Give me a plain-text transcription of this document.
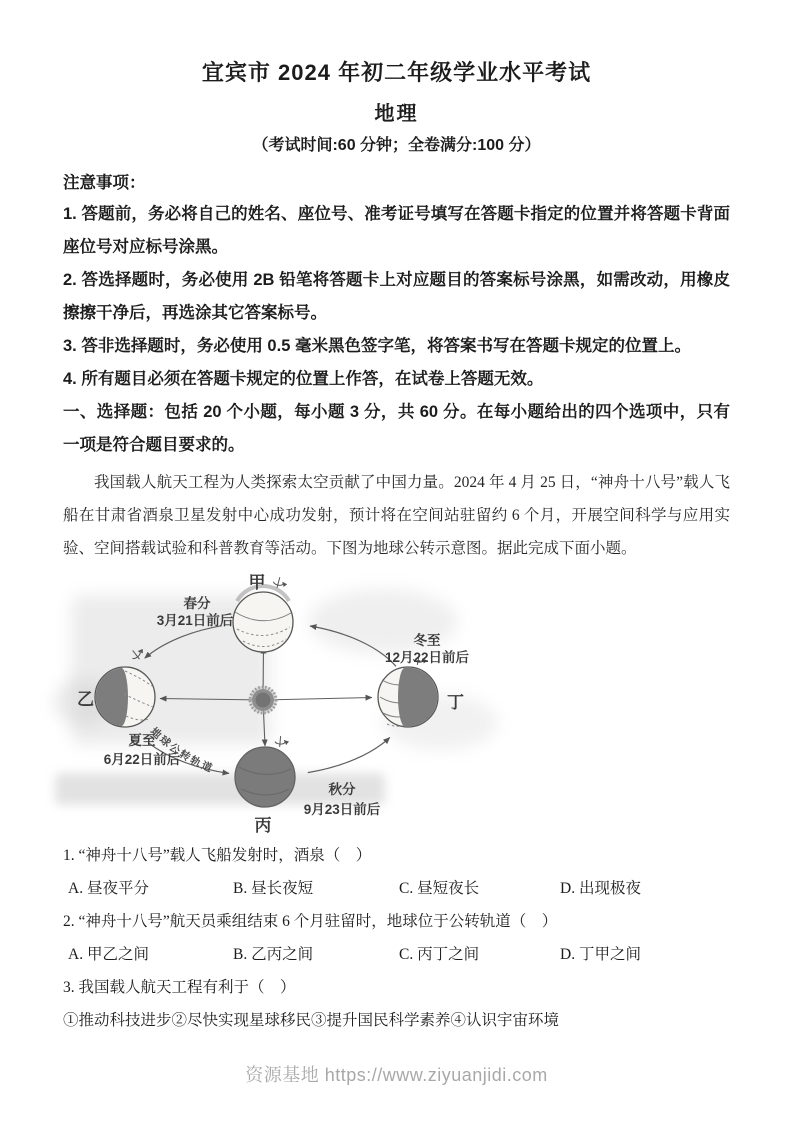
宜宾市 2024 年初二年级学业水平考试
地理
（考试时间:60 分钟；全卷满分:100 分）
注意事项：

1. 答题前，务必将自己的姓名、座位号、准考证号填写在答题卡指定的位置并将答题卡背面座位号对应标号涂黑。

2. 答选择题时，务必使用 2B 铅笔将答题卡上对应题目的答案标号涂黑，如需改动，用橡皮擦擦干净后，再选涂其它答案标号。

3. 答非选择题时，务必使用 0.5 毫米黑色签字笔，将答案书写在答题卡规定的位置上。

4. 所有题目必须在答题卡规定的位置上作答，在试卷上答题无效。

一、选择题：包括 20 个小题，每小题 3 分，共 60 分。在每小题给出的四个选项中，只有一项是符合题目要求的。

我国载人航天工程为人类探索太空贡献了中国力量。2024 年 4 月 25 日，“神舟十八号”载人飞船在甘肃省酒泉卫星发射中心成功发射，预计将在空间站驻留约 6 个月，开展空间科学与应用实验、空间搭载试验和科普教育等活动。下图为地球公转示意图。据此完成下面小题。

甲
乙
丙
丁
春分
3月21日前后
冬至
12月22日前后
夏至
6月22日前后
秋分
9月23日前后
地球公转轨道

1. “神舟十八号”载人飞船发射时，酒泉（　）

A. 昼夜平分	B. 昼长夜短	C. 昼短夜长	D. 出现极夜

2. “神舟十八号”航天员乘组结束 6 个月驻留时，地球位于公转轨道（　）

A. 甲乙之间	B. 乙丙之间	C. 丙丁之间	D. 丁甲之间

3. 我国载人航天工程有利于（　）

①推动科技进步②尽快实现星球移民③提升国民科学素养④认识宇宙环境

资源基地 https://www.ziyuanjidi.com
